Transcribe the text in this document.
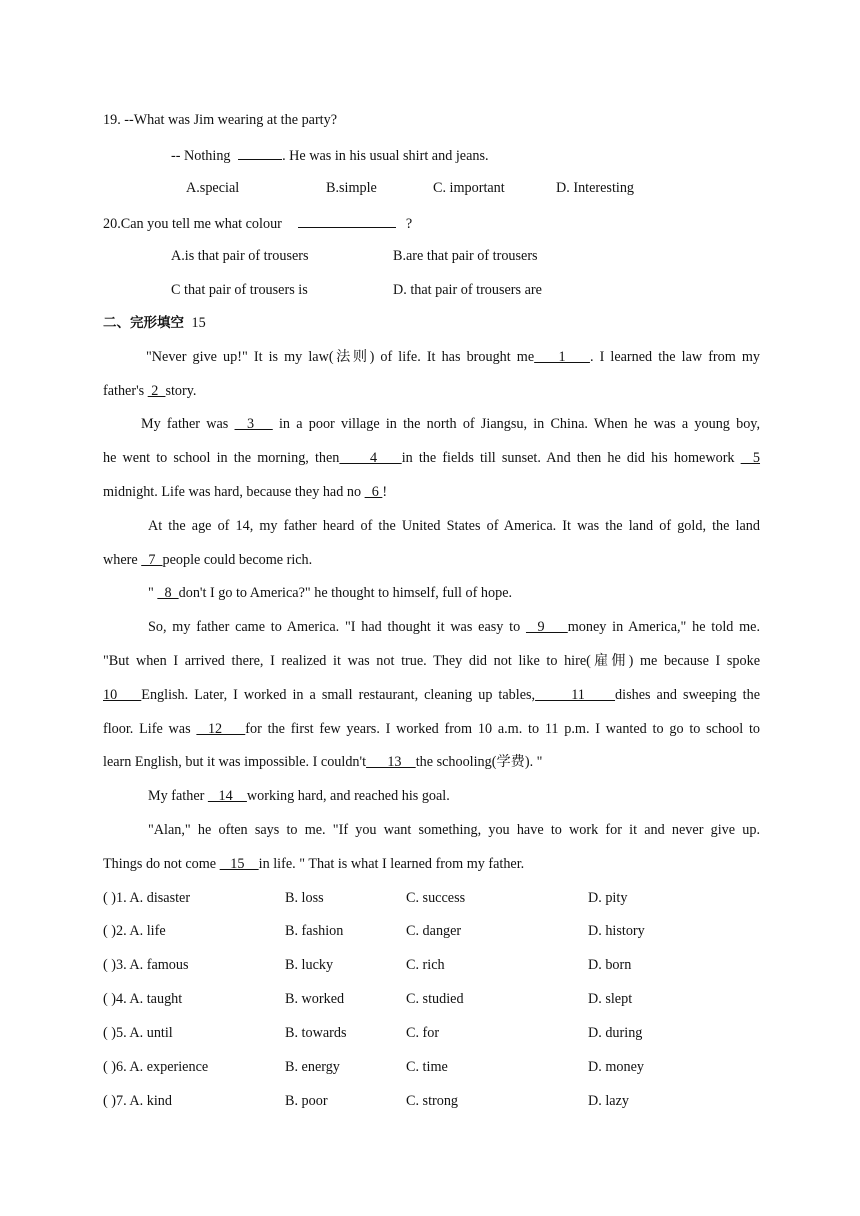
19. --What was Jim wearing at the party?
-- Nothing	. He was in his usual shirt and jeans.
A.special	B.simple	C. important	D. Interesting
20.Can you tell me what colour	?
A.is that pair of trousers	B.are that pair of trousers
C that pair of trousers is	D. that pair of trousers are
二、完形填空 15
"Never give up!" It is my law(法则) of life. It has brought me    1    . I learned the law from my
father's  2  story.
My father was   3    in a poor village in the north of Jiangsu, in China. When he was a young boy,
he went to school in the morning, then     4    in the fields till sunset. And then he did his homework   5
midnight. Life was hard, because they had no   6 !
At the age of 14, my father heard of the United States of America. It was the land of gold, the land
where   7  people could become rich.
"   8  don't I go to America?" he thought to himself, full of hope.
So, my father came to America. "I had thought it was easy to   9    money in America," he told me.
"But when I arrived there, I realized it was not true. They did not like to hire(雇佣) me because I spoke
10    English. Later, I worked in a small restaurant, cleaning up tables,      11     dishes and sweeping the
floor. Life was   12    for the first few years. I worked from 10 a.m. to 11 p.m. I wanted to go to school to
learn English, but it was impossible. I couldn't      13    the schooling(学费). "
My father    14    working hard, and reached his goal.
"Alan," he often says to me. "If you want something, you have to work for it and never give up.
Things do not come    15    in life. " That is what I learned from my father.
( )1. A. disaster	B. loss	C. success	D. pity
( )2. A. life	B. fashion	C. danger	D. history
( )3. A. famous	B. lucky	C. rich	D. born
( )4. A. taught	B. worked	C. studied	D. slept
( )5. A. until	B. towards	C. for	D. during
( )6. A. experience	B. energy	C. time	D. money
( )7. A. kind	B. poor	C. strong	D. lazy
